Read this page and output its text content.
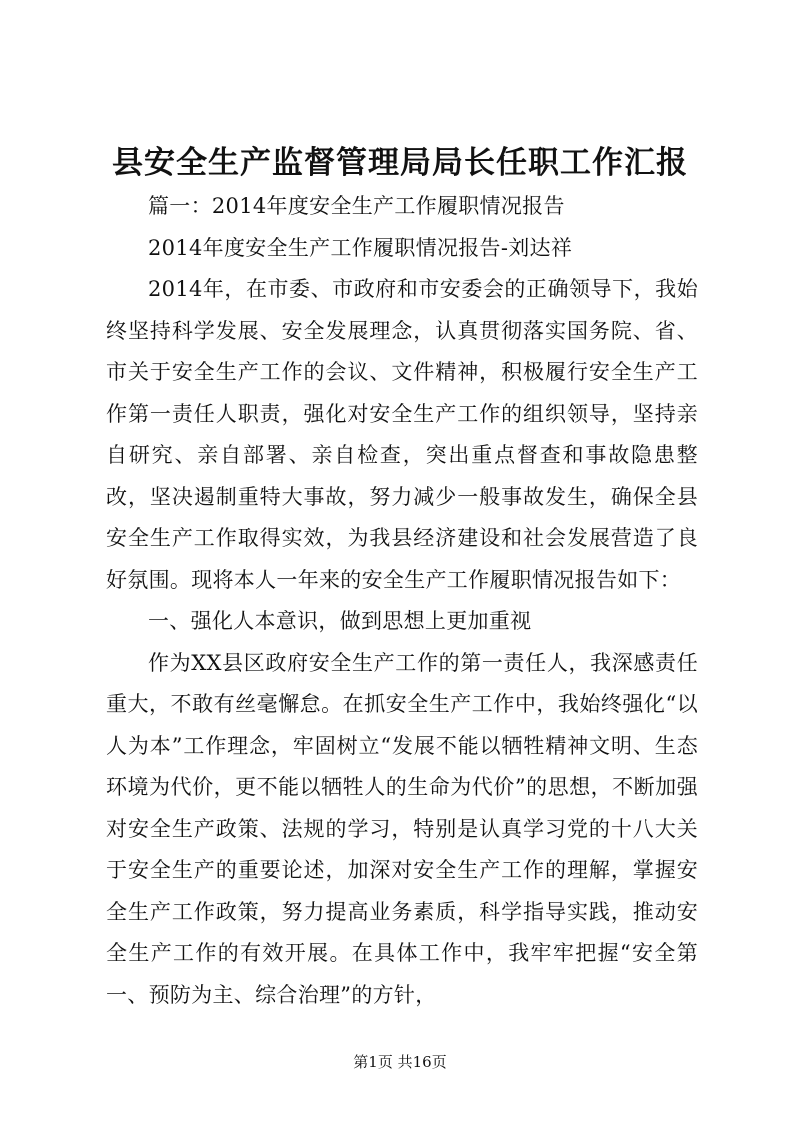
县安全生产监督管理局局长任职工作汇报

篇一：2014年度安全生产工作履职情况报告

2014年度安全生产工作履职情况报告-刘达祥

2014年，在市委、市政府和市安委会的正确领导下，我始终坚持科学发展、安全发展理念，认真贯彻落实国务院、省、市关于安全生产工作的会议、文件精神，积极履行安全生产工作第一责任人职责，强化对安全生产工作的组织领导，坚持亲自研究、亲自部署、亲自检查，突出重点督查和事故隐患整改，坚决遏制重特大事故，努力减少一般事故发生，确保全县安全生产工作取得实效，为我县经济建设和社会发展营造了良好氛围。现将本人一年来的安全生产工作履职情况报告如下：

一、强化人本意识，做到思想上更加重视

作为XX县区政府安全生产工作的第一责任人，我深感责任重大，不敢有丝毫懈怠。在抓安全生产工作中，我始终强化“以人为本”工作理念，牢固树立“发展不能以牺牲精神文明、生态环境为代价，更不能以牺牲人的生命为代价”的思想，不断加强对安全生产政策、法规的学习，特别是认真学习党的十八大关于安全生产的重要论述，加深对安全生产工作的理解，掌握安全生产工作政策，努力提高业务素质，科学指导实践，推动安全生产工作的有效开展。在具体工作中，我牢牢把握“安全第一、预防为主、综合治理”的方针，

第1页 共16页
